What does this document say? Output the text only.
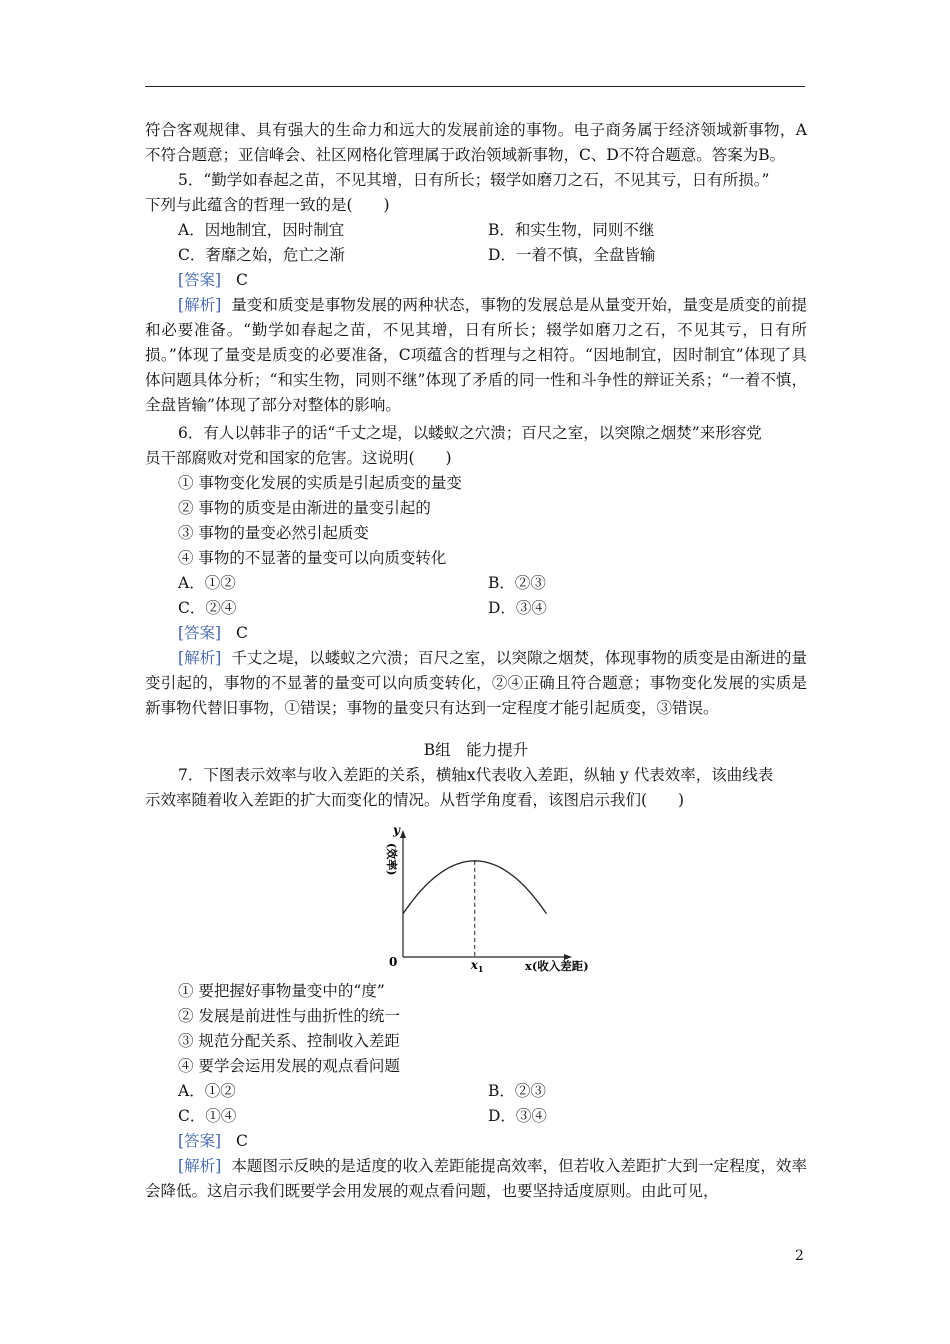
符合客观规律、具有强大的生命力和远大的发展前途的事物。电子商务属于经济领域新事物，A不符合题意；亚信峰会、社区网格化管理属于政治领域新事物，C、D不符合题意。答案为B。
5．“勤学如春起之苗，不见其增，日有所长；辍学如磨刀之石，不见其亏，日有所损。”
下列与此蕴含的哲理一致的是(　　)
A．因地制宜，因时制宜	B．和实生物，同则不继
C．奢靡之始，危亡之渐	D．一着不慎，全盘皆输
[答案] C
[解析] 量变和质变是事物发展的两种状态，事物的发展总是从量变开始，量变是质变的前提和必要准备。“勤学如春起之苗，不见其增，日有所长；辍学如磨刀之石，不见其亏，日有所损。”体现了量变是质变的必要准备，C项蕴含的哲理与之相符。“因地制宜，因时制宜”体现了具体问题具体分析；“和实生物，同则不继”体现了矛盾的同一性和斗争性的辩证关系；“一着不慎，全盘皆输”体现了部分对整体的影响。
6．有人以韩非子的话“千丈之堤，以蝼蚁之穴溃；百尺之室，以突隙之烟焚”来形容党
员干部腐败对党和国家的危害。这说明(　　)
① 事物变化发展的实质是引起质变的量变
② 事物的质变是由渐进的量变引起的
③ 事物的量变必然引起质变
④ 事物的不显著的量变可以向质变转化
A．①②	B．②③
C．②④	D．③④
[答案] C
[解析] 千丈之堤，以蝼蚁之穴溃；百尺之室，以突隙之烟焚，体现事物的质变是由渐进的量变引起的，事物的不显著的量变可以向质变转化，②④正确且符合题意；事物变化发展的实质是新事物代替旧事物，①错误；事物的量变只有达到一定程度才能引起质变，③错误。
B组　能力提升
7．下图表示效率与收入差距的关系，横轴x代表收入差距，纵轴 y 代表效率，该曲线表
示效率随着收入差距的扩大而变化的情况。从哲学角度看，该图启示我们(　　)
y
(效率)
0	$x_1$	x(收入差距)
① 要把握好事物量变中的“度”
② 发展是前进性与曲折性的统一
③ 规范分配关系、控制收入差距
④ 要学会运用发展的观点看问题
A．①②	B．②③
C．①④	D．③④
[答案] C
[解析] 本题图示反映的是适度的收入差距能提高效率，但若收入差距扩大到一定程度，效率会降低。这启示我们既要学会用发展的观点看问题，也要坚持适度原则。由此可见，
2
